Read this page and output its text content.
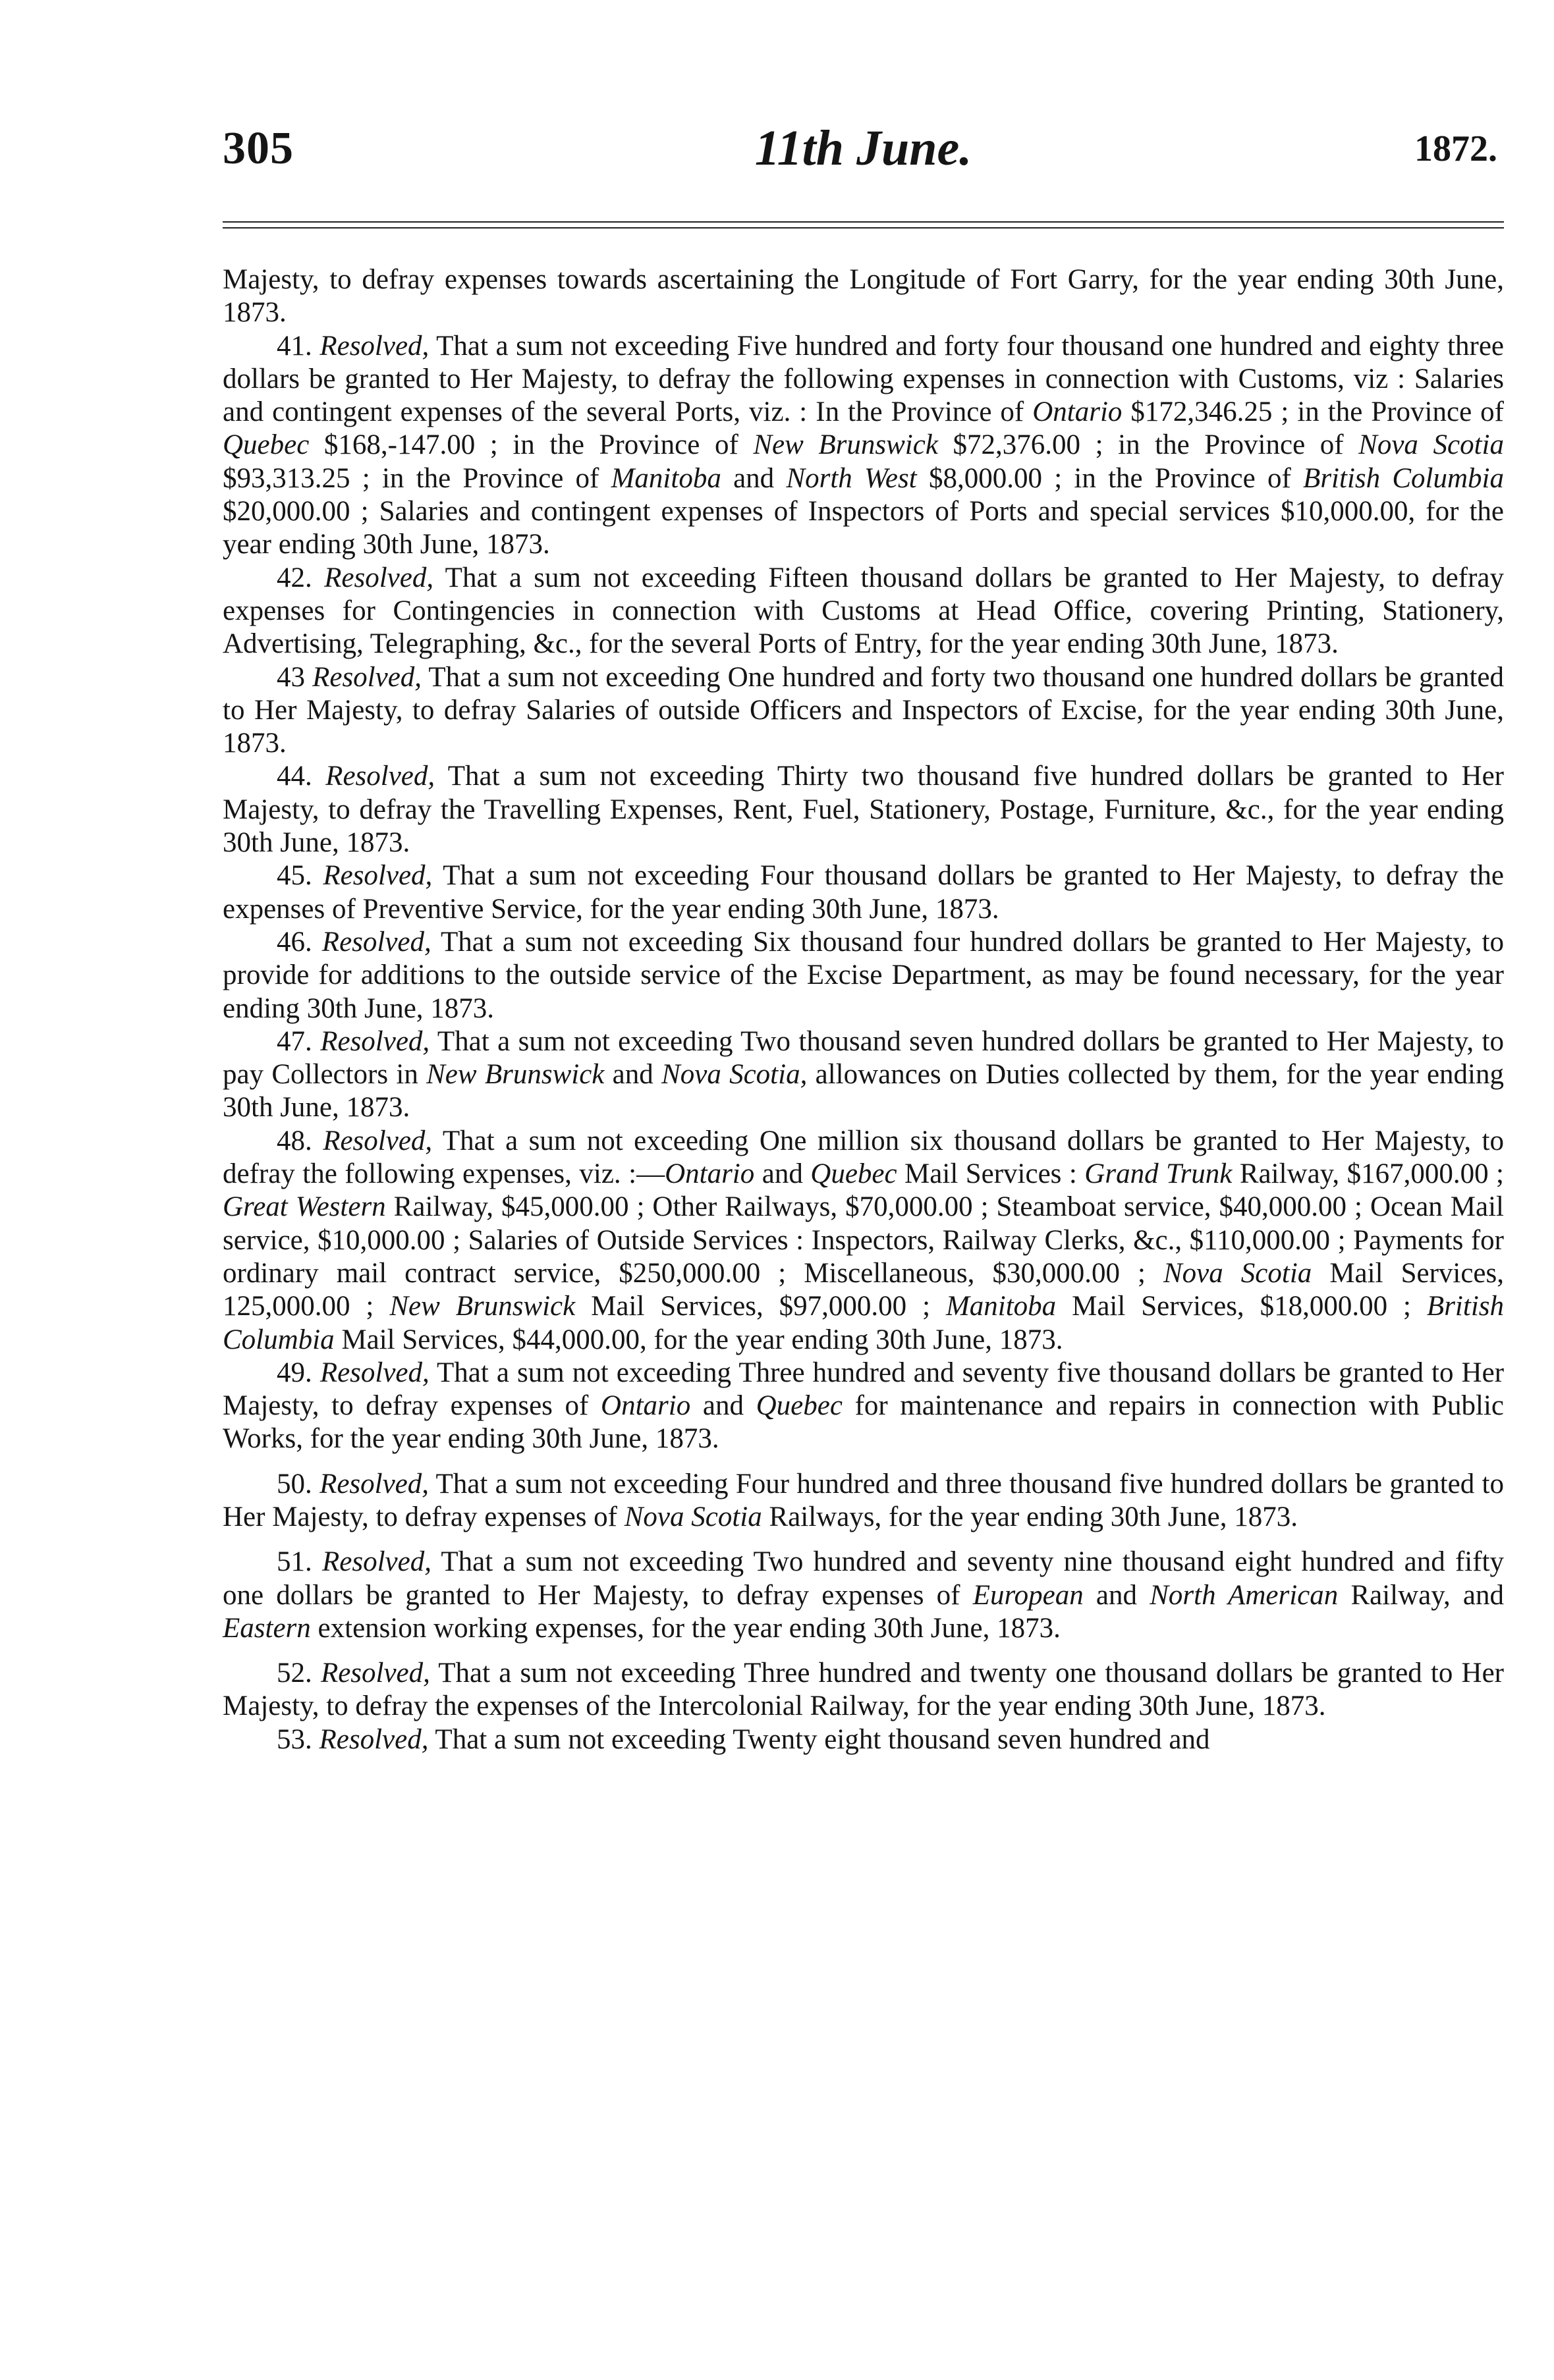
305	11th June.	1872.

Majesty, to defray expenses towards ascertaining the Longitude of Fort Garry, for the year ending 30th June, 1873.

41. Resolved, That a sum not exceeding Five hundred and forty four thousand one hundred and eighty three dollars be granted to Her Majesty, to defray the following expenses in connection with Customs, viz : Salaries and contingent expenses of the several Ports, viz. : In the Province of Ontario $172,346.25 ; in the Province of Quebec $168,-147.00 ; in the Province of New Brunswick $72,376.00 ; in the Province of Nova Scotia $93,313.25 ; in the Province of Manitoba and North West $8,000.00 ; in the Province of British Columbia $20,000.00 ; Salaries and contingent expenses of Inspectors of Ports and special services $10,000.00, for the year ending 30th June, 1873.

42. Resolved, That a sum not exceeding Fifteen thousand dollars be granted to Her Majesty, to defray expenses for Contingencies in connection with Customs at Head Office, covering Printing, Stationery, Advertising, Telegraphing, &c., for the several Ports of Entry, for the year ending 30th June, 1873.

43 Resolved, That a sum not exceeding One hundred and forty two thousand one hundred dollars be granted to Her Majesty, to defray Salaries of outside Officers and Inspectors of Excise, for the year ending 30th June, 1873.

44. Resolved, That a sum not exceeding Thirty two thousand five hundred dollars be granted to Her Majesty, to defray the Travelling Expenses, Rent, Fuel, Stationery, Postage, Furniture, &c., for the year ending 30th June, 1873.

45. Resolved, That a sum not exceeding Four thousand dollars be granted to Her Majesty, to defray the expenses of Preventive Service, for the year ending 30th June, 1873.

46. Resolved, That a sum not exceeding Six thousand four hundred dollars be granted to Her Majesty, to provide for additions to the outside service of the Excise Department, as may be found necessary, for the year ending 30th June, 1873.

47. Resolved, That a sum not exceeding Two thousand seven hundred dollars be granted to Her Majesty, to pay Collectors in New Brunswick and Nova Scotia, allowances on Duties collected by them, for the year ending 30th June, 1873.

48. Resolved, That a sum not exceeding One million six thousand dollars be granted to Her Majesty, to defray the following expenses, viz. :—Ontario and Quebec Mail Services : Grand Trunk Railway, $167,000.00 ; Great Western Railway, $45,000.00 ; Other Railways, $70,000.00 ; Steamboat service, $40,000.00 ; Ocean Mail service, $10,000.00 ; Salaries of Outside Services : Inspectors, Railway Clerks, &c., $110,000.00 ; Payments for ordinary mail contract service, $250,000.00 ; Miscellaneous, $30,000.00 ; Nova Scotia Mail Services, 125,000.00 ; New Brunswick Mail Services, $97,000.00 ; Manitoba Mail Services, $18,000.00 ; British Columbia Mail Services, $44,000.00, for the year ending 30th June, 1873.

49. Resolved, That a sum not exceeding Three hundred and seventy five thousand dollars be granted to Her Majesty, to defray expenses of Ontario and Quebec for maintenance and repairs in connection with Public Works, for the year ending 30th June, 1873.

50. Resolved, That a sum not exceeding Four hundred and three thousand five hundred dollars be granted to Her Majesty, to defray expenses of Nova Scotia Railways, for the year ending 30th June, 1873.

51. Resolved, That a sum not exceeding Two hundred and seventy nine thousand eight hundred and fifty one dollars be granted to Her Majesty, to defray expenses of European and North American Railway, and Eastern extension working expenses, for the year ending 30th June, 1873.

52. Resolved, That a sum not exceeding Three hundred and twenty one thousand dollars be granted to Her Majesty, to defray the expenses of the Intercolonial Railway, for the year ending 30th June, 1873.

53. Resolved, That a sum not exceeding Twenty eight thousand seven hundred and
